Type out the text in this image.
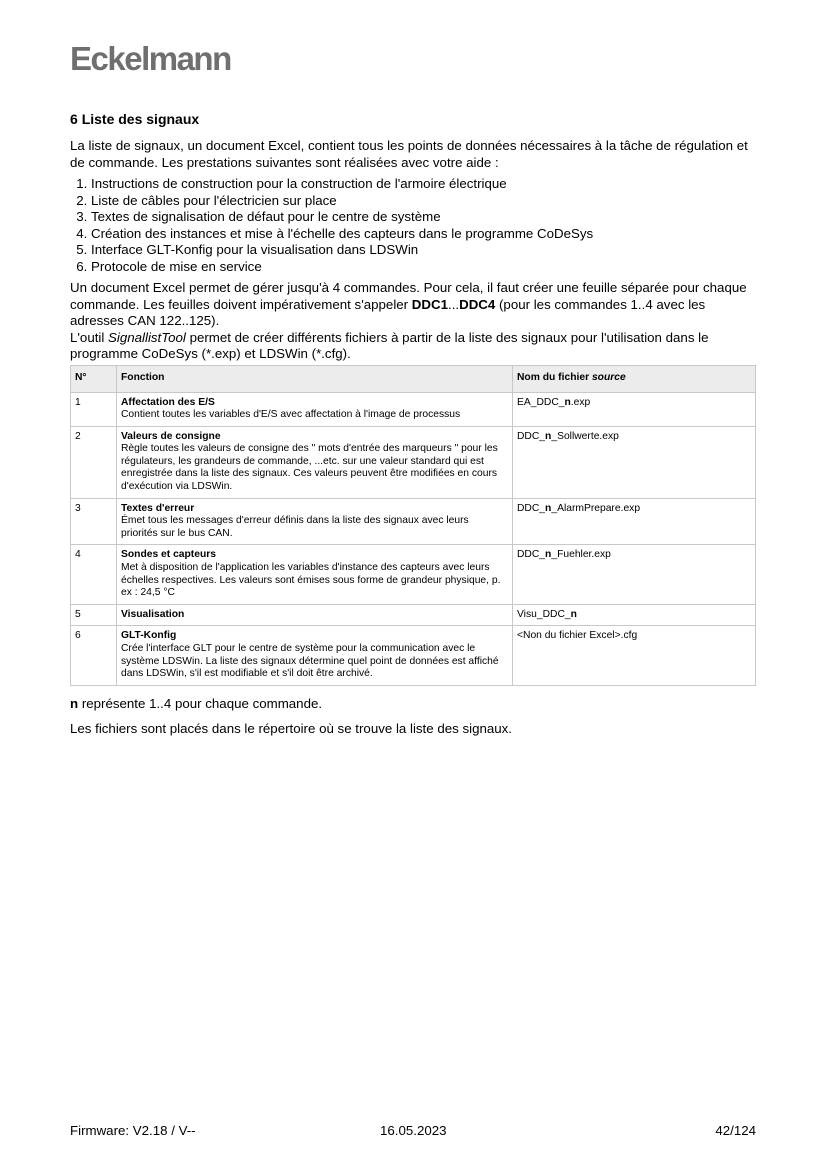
Eckelmann
6 Liste des signaux

La liste de signaux, un document Excel, contient tous les points de données nécessaires à la tâche de régulation et de commande. Les prestations suivantes sont réalisées avec votre aide :

1. Instructions de construction pour la construction de l'armoire électrique
2. Liste de câbles pour l'électricien sur place
3. Textes de signalisation de défaut pour le centre de système
4. Création des instances et mise à l'échelle des capteurs dans le programme CoDeSys
5. Interface GLT-Konfig pour la visualisation dans LDSWin
6. Protocole de mise en service

Un document Excel permet de gérer jusqu'à 4 commandes. Pour cela, il faut créer une feuille séparée pour chaque commande. Les feuilles doivent impérativement s'appeler DDC1...DDC4 (pour les commandes 1..4 avec les adresses CAN 122..125).

L'outil SignallistTool permet de créer différents fichiers à partir de la liste des signaux pour l'utilisation dans le programme CoDeSys (*.exp) et LDSWin (*.cfg).

N°	Fonction	Nom du fichier source
1	Affectation des E/S
Contient toutes les variables d'E/S avec affectation à l'image de processus	EA_DDC_n.exp
2	Valeurs de consigne
Règle toutes les valeurs de consigne des " mots d'entrée des marqueurs " pour les régulateurs, les grandeurs de commande, ...etc. sur une valeur standard qui est enregistrée dans la liste des signaux. Ces valeurs peuvent être modifiées en cours d'exécution via LDSWin.	DDC_n_Sollwerte.exp
3	Textes d'erreur
Émet tous les messages d'erreur définis dans la liste des signaux avec leurs priorités sur le bus CAN.	DDC_n_AlarmPrepare.exp
4	Sondes et capteurs
Met à disposition de l'application les variables d'instance des capteurs avec leurs échelles respectives. Les valeurs sont émises sous forme de grandeur physique, p. ex : 24,5 °C	DDC_n_Fuehler.exp
5	Visualisation	Visu_DDC_n
6	GLT-Konfig
Crée l'interface GLT pour le centre de système pour la communication avec le système LDSWin. La liste des signaux détermine quel point de données est affiché dans LDSWin, s'il est modifiable et s'il doit être archivé.	<Non du fichier Excel>.cfg

n représente 1..4 pour chaque commande.

Les fichiers sont placés dans le répertoire où se trouve la liste des signaux.

Firmware: V2.18 / V--	16.05.2023	42/124
